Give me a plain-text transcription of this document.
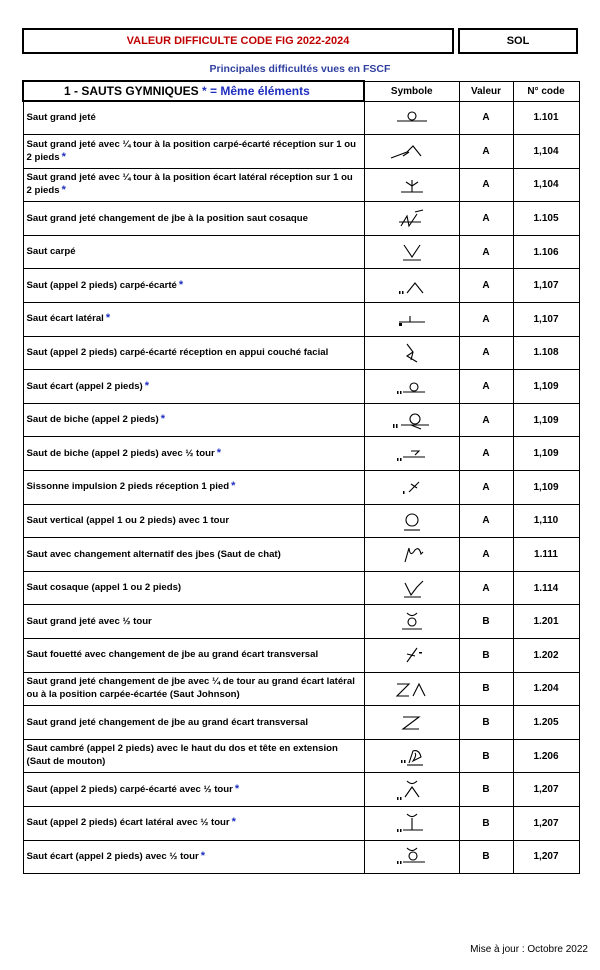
VALEUR DIFFICULTE CODE FIG 2022-2024	SOL
Principales difficultés vues en FSCF
1 - SAUTS GYMNIQUES * = Même éléments	Symbole	Valeur	N° code
Saut grand jeté		A	1.101
Saut grand jeté avec ¼ tour à la position carpé-écarté réception sur 1 ou 2 pieds *		A	1,104
Saut grand jeté avec ¼ tour à la position écart latéral réception sur 1 ou 2 pieds *		A	1,104
Saut grand jeté changement de jbe à la position saut cosaque		A	1.105
Saut carpé		A	1.106
Saut (appel 2 pieds) carpé-écarté *		A	1,107
Saut écart latéral *		A	1,107
Saut (appel 2 pieds) carpé-écarté réception en appui couché facial		A	1.108
Saut écart (appel 2 pieds) *		A	1,109
Saut de biche (appel 2 pieds) *		A	1,109
Saut de biche (appel 2 pieds) avec ½ tour *		A	1,109
Sissonne impulsion 2 pieds réception 1 pied *		A	1,109
Saut vertical (appel 1 ou 2 pieds) avec 1 tour		A	1,110
Saut avec changement alternatif des jbes (Saut de chat)		A	1.111
Saut cosaque (appel 1 ou 2 pieds)		A	1.114
Saut grand jeté avec ½ tour		B	1.201
Saut fouetté avec changement de jbe au grand écart transversal		B	1.202
Saut grand jeté changement de jbe avec ¼ de tour au grand écart latéral ou à la position carpée-écartée (Saut Johnson)		B	1.204
Saut grand jeté changement de jbe au grand écart transversal		B	1.205
Saut cambré (appel 2 pieds) avec le haut du dos et tête en extension (Saut de mouton)		B	1.206
Saut (appel 2 pieds) carpé-écarté avec ½ tour *		B	1,207
Saut (appel 2 pieds) écart latéral avec ½ tour *		B	1,207
Saut écart (appel 2 pieds) avec ½ tour *		B	1,207
Mise à jour : Octobre 2022
